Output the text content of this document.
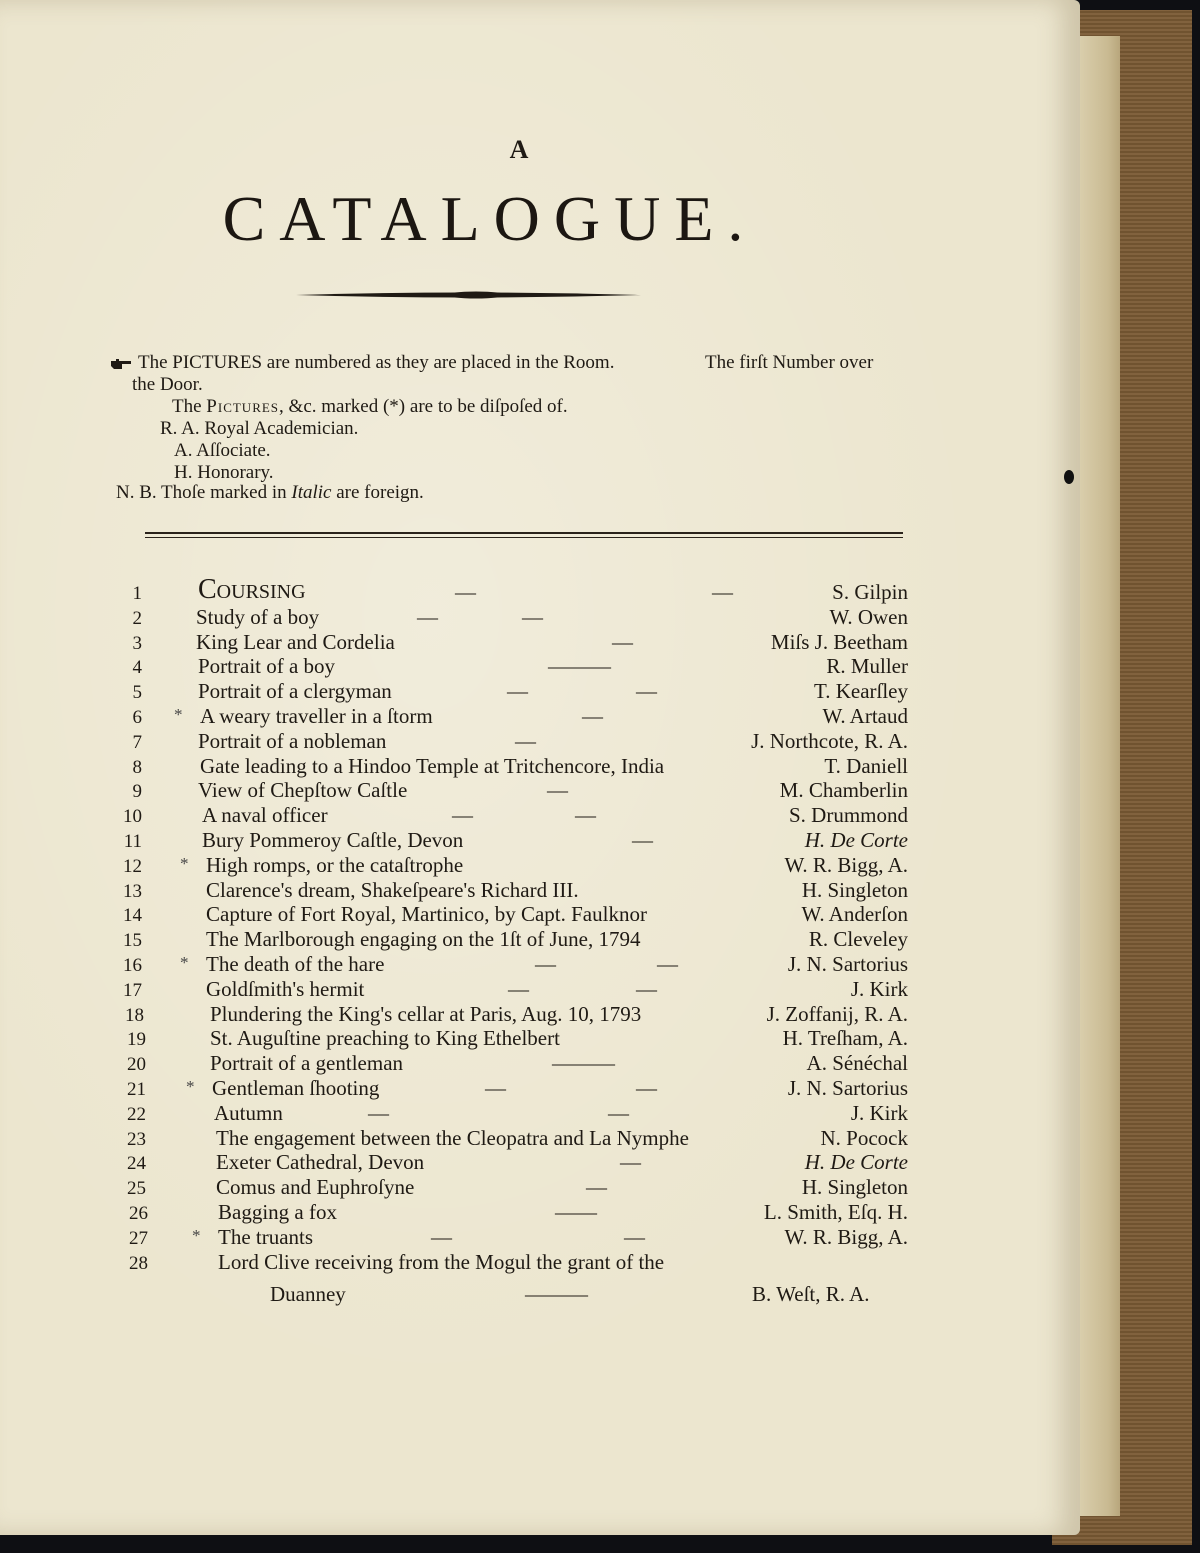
A
CATALOGUE.
The PICTURES are numbered as they are placed in the Room.	The firſt Number over
the Door.
The Pictures, &c. marked (*) are to be diſpoſed of.
R. A. Royal Academician.
A. Aſſociate.
H. Honorary.
N. B. Thoſe marked in Italic are foreign.
1 Coursing	—	—	S. Gilpin
2	Study of a boy	—	—	W. Owen
3	King Lear and Cordelia	—	Miſs J. Beetham
4	Portrait of a boy	———	R. Muller
5	Portrait of a clergyman	—	—	T. Kearſley
6 * A weary traveller in a ſtorm	—	W. Artaud
7	Portrait of a nobleman	—	J. Northcote, R. A.
8	Gate leading to a Hindoo Temple at Tritchencore, India	T. Daniell
9	View of Chepſtow Caſtle	—	M. Chamberlin
10	A naval officer	—	—	S. Drummond
11	Bury Pommeroy Caſtle, Devon	—	H. De Corte
12 * High romps, or the cataſtrophe	W. R. Bigg, A.
13	Clarence's dream, Shakeſpeare's Richard III.	H. Singleton
14	Capture of Fort Royal, Martinico, by Capt. Faulknor	W. Anderſon
15	The Marlborough engaging on the 1ſt of June, 1794	R. Cleveley
16 * The death of the hare	—	—	J. N. Sartorius
17	Goldſmith's hermit	—	—	J. Kirk
18	Plundering the King's cellar at Paris, Aug. 10, 1793	J. Zoffanij, R. A.
19	St. Auguſtine preaching to King Ethelbert	H. Treſham, A.
20	Portrait of a gentleman	———	A. Sénéchal
21 * Gentleman ſhooting	—	—	J. N. Sartorius
22	Autumn	—	—	J. Kirk
23	The engagement between the Cleopatra and La Nymphe	N. Pocock
24	Exeter Cathedral, Devon	—	H. De Corte
25	Comus and Euphroſyne	—	H. Singleton
26	Bagging a fox	——	L. Smith, Eſq. H.
27	* The truants	—	—	W. R. Bigg, A.
28	Lord Clive receiving from the Mogul the grant of the
Duanney	———	B. Weſt, R. A.
